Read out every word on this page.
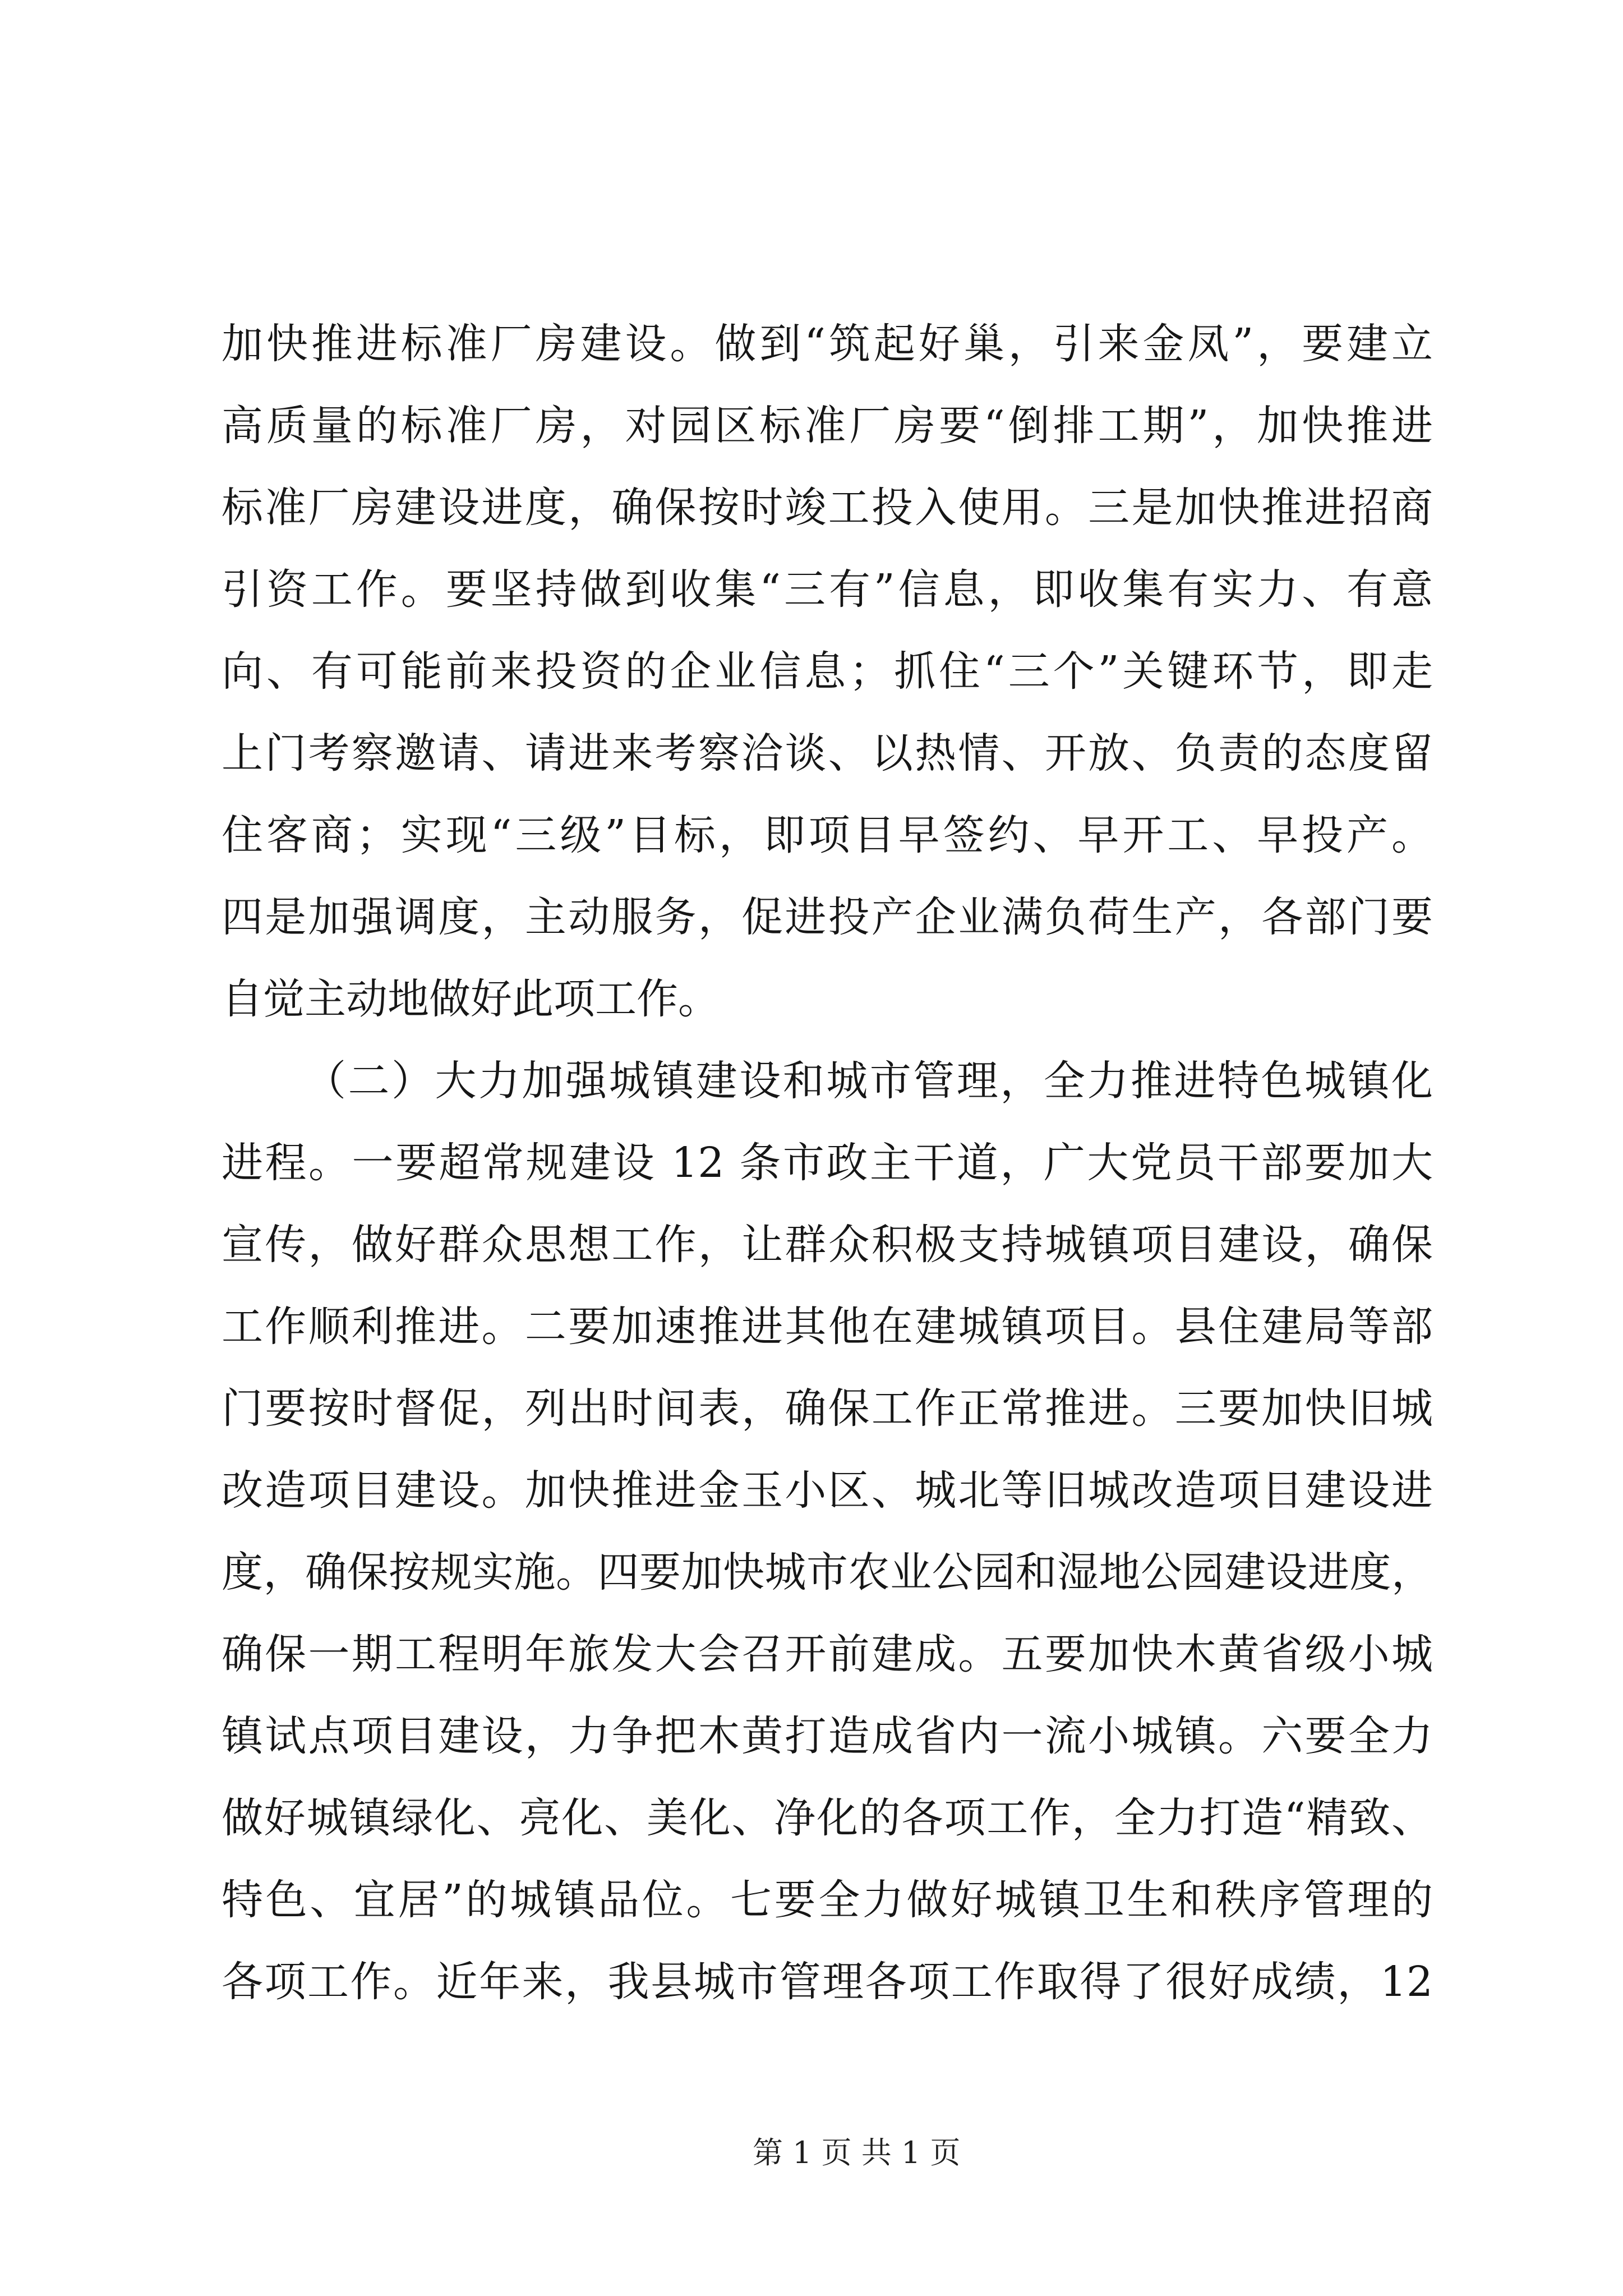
加快推进标准厂房建设。做到“筑起好巢，引来金凤”，要建立
高质量的标准厂房，对园区标准厂房要“倒排工期”，加快推进
标准厂房建设进度，确保按时竣工投入使用。三是加快推进招商
引资工作。要坚持做到收集“三有”信息，即收集有实力、有意
向、有可能前来投资的企业信息；抓住“三个”关键环节，即走
上门考察邀请、请进来考察洽谈、以热情、开放、负责的态度留
住客商；实现“三级”目标，即项目早签约、早开工、早投产。
四是加强调度，主动服务，促进投产企业满负荷生产，各部门要
自觉主动地做好此项工作。
（二）大力加强城镇建设和城市管理，全力推进特色城镇化
进程。一要超常规建设 12 条市政主干道，广大党员干部要加大
宣传，做好群众思想工作，让群众积极支持城镇项目建设，确保
工作顺利推进。二要加速推进其他在建城镇项目。县住建局等部
门要按时督促，列出时间表，确保工作正常推进。三要加快旧城
改造项目建设。加快推进金玉小区、城北等旧城改造项目建设进
度，确保按规实施。四要加快城市农业公园和湿地公园建设进度，
确保一期工程明年旅发大会召开前建成。五要加快木黄省级小城
镇试点项目建设，力争把木黄打造成省内一流小城镇。六要全力
做好城镇绿化、亮化、美化、净化的各项工作，全力打造“精致、
特色、宜居”的城镇品位。七要全力做好城镇卫生和秩序管理的
各项工作。近年来，我县城市管理各项工作取得了很好成绩，12
第 1 页 共 1 页
